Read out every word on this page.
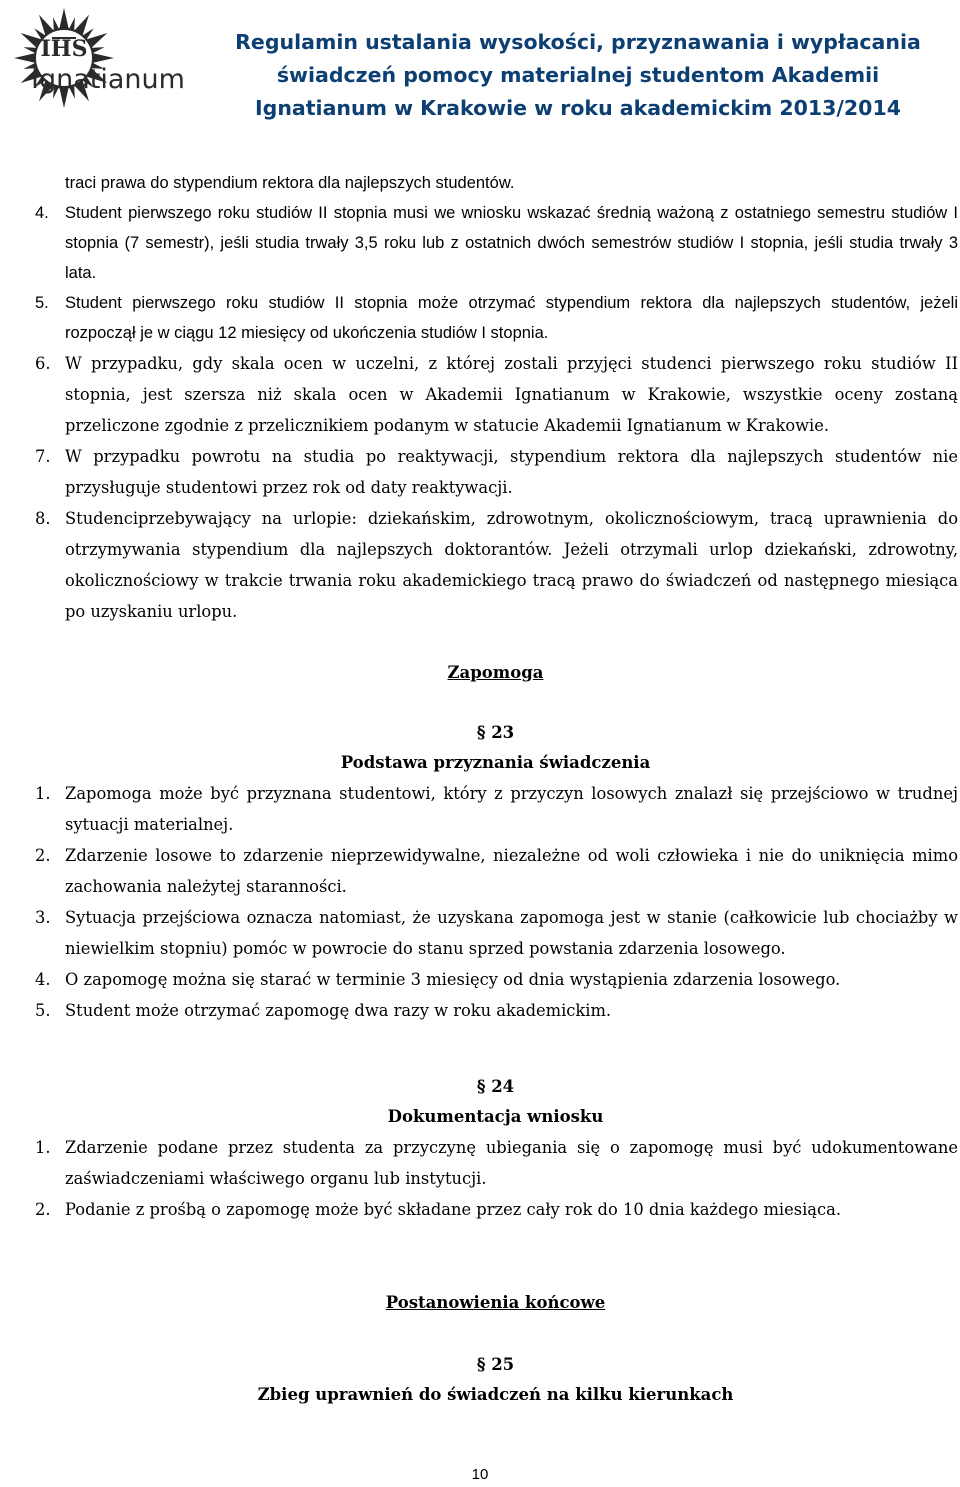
IHS
Ignatianum
Regulamin ustalania wysokości, przyznawania i wypłacania
świadczeń pomocy materialnej studentom Akademii
Ignatianum w Krakowie w roku akademickim 2013/2014
traci prawa do stypendium rektora dla najlepszych studentów.
4. Student pierwszego roku studiów II stopnia musi we wniosku wskazać średnią ważoną z ostatniego semestru studiów I stopnia (7 semestr), jeśli studia trwały 3,5 roku lub z ostatnich dwóch semestrów studiów I stopnia, jeśli studia trwały 3 lata.
5. Student pierwszego roku studiów II stopnia może otrzymać stypendium rektora dla najlepszych studentów, jeżeli rozpoczął je w ciągu 12 miesięcy od ukończenia studiów I stopnia.
6. W przypadku, gdy skala ocen w uczelni, z której zostali przyjęci studenci pierwszego roku studiów II stopnia, jest szersza niż skala ocen w Akademii Ignatianum w Krakowie, wszystkie oceny zostaną przeliczone zgodnie z przelicznikiem podanym w statucie Akademii Ignatianum w Krakowie.
7. W przypadku powrotu na studia po reaktywacji, stypendium rektora dla najlepszych studentów nie przysługuje studentowi przez rok od daty reaktywacji.
8. Studenciprzebywający na urlopie: dziekańskim, zdrowotnym, okolicznościowym, tracą uprawnienia do otrzymywania stypendium dla najlepszych doktorantów. Jeżeli otrzymali urlop dziekański, zdrowotny, okolicznościowy w trakcie trwania roku akademickiego tracą prawo do świadczeń od następnego miesiąca po uzyskaniu urlopu.
Zapomoga
§ 23
Podstawa przyznania świadczenia
1. Zapomoga może być przyznana studentowi, który z przyczyn losowych znalazł się przejściowo w trudnej sytuacji materialnej.
2. Zdarzenie losowe to zdarzenie nieprzewidywalne, niezależne od woli człowieka i nie do uniknięcia mimo zachowania należytej staranności.
3. Sytuacja przejściowa oznacza natomiast, że uzyskana zapomoga jest w stanie (całkowicie lub chociażby w niewielkim stopniu) pomóc w powrocie do stanu sprzed powstania zdarzenia losowego.
4. O zapomogę można się starać w terminie 3 miesięcy od dnia wystąpienia zdarzenia losowego.
5. Student może otrzymać zapomogę dwa razy w roku akademickim.
§ 24
Dokumentacja wniosku
1. Zdarzenie podane przez studenta za przyczynę ubiegania się o zapomogę musi być udokumentowane zaświadczeniami właściwego organu lub instytucji.
2. Podanie z prośbą o zapomogę może być składane przez cały rok do 10 dnia każdego miesiąca.
Postanowienia końcowe
§ 25
Zbieg uprawnień do świadczeń na kilku kierunkach
10
